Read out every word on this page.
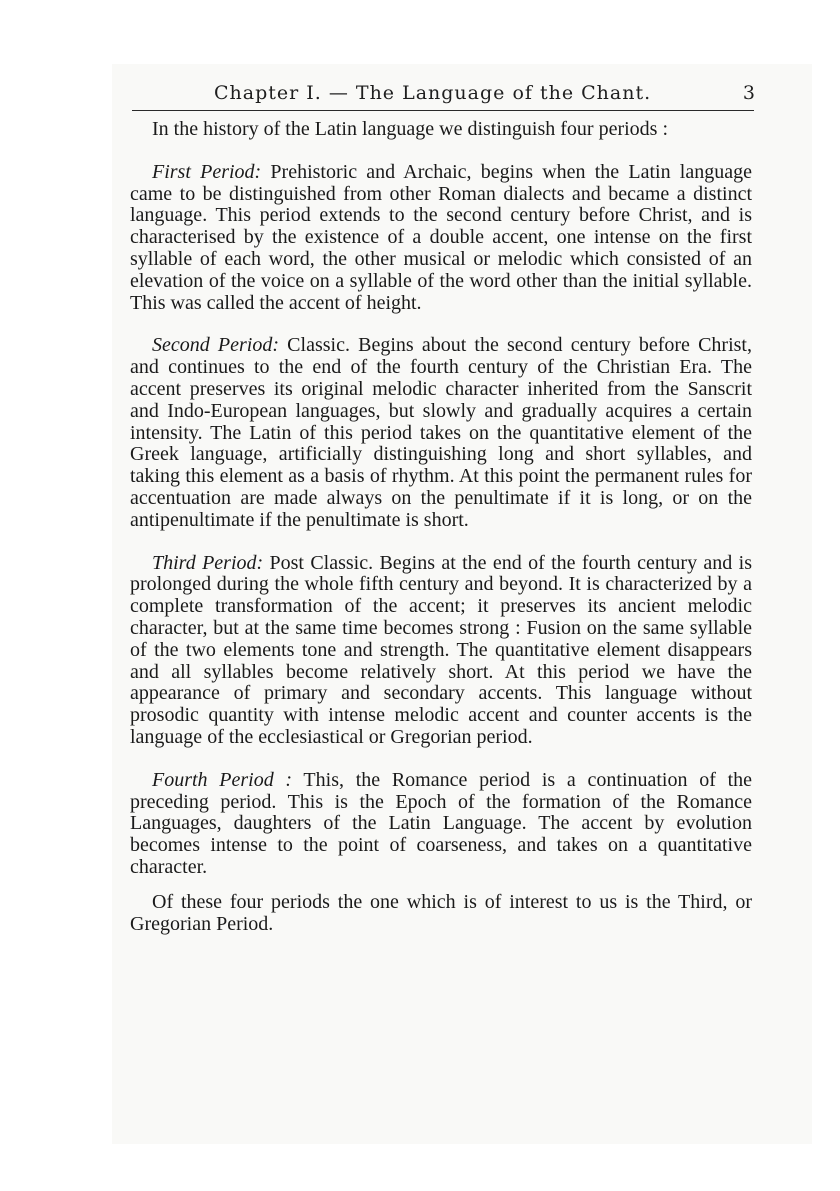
Chapter I. — The Language of the Chant.	3

In the history of the Latin language we distinguish four periods :

First Period: Prehistoric and Archaic, begins when the Latin language came to be distinguished from other Roman dialects and became a distinct language. This period extends to the second century before Christ, and is characterised by the existence of a double accent, one intense on the first syllable of each word, the other musical or melodic which consisted of an elevation of the voice on a syllable of the word other than the initial syllable. This was called the accent of height.

Second Period: Classic. Begins about the second century before Christ, and continues to the end of the fourth century of the Christian Era. The accent preserves its original melodic character inherited from the Sanscrit and Indo-European languages, but slowly and gradually acquires a certain intensity. The Latin of this period takes on the quantitative element of the Greek language, artificially distinguishing long and short syllables, and taking this element as a basis of rhythm. At this point the permanent rules for accentuation are made always on the penultimate if it is long, or on the antipenultimate if the penultimate is short.

Third Period: Post Classic. Begins at the end of the fourth century and is prolonged during the whole fifth century and beyond. It is characterized by a complete transformation of the accent; it preserves its ancient melodic character, but at the same time becomes strong : Fusion on the same syllable of the two elements tone and strength. The quantitative element disappears and all syllables become relatively short. At this period we have the appearance of primary and secondary accents. This language without prosodic quantity with intense melodic accent and counter accents is the language of the ecclesiastical or Gregorian period.

Fourth Period : This, the Romance period is a continuation of the preceding period. This is the Epoch of the formation of the Romance Languages, daughters of the Latin Language. The accent by evolution becomes intense to the point of coarseness, and takes on a quantitative character.

Of these four periods the one which is of interest to us is the Third, or Gregorian Period.
